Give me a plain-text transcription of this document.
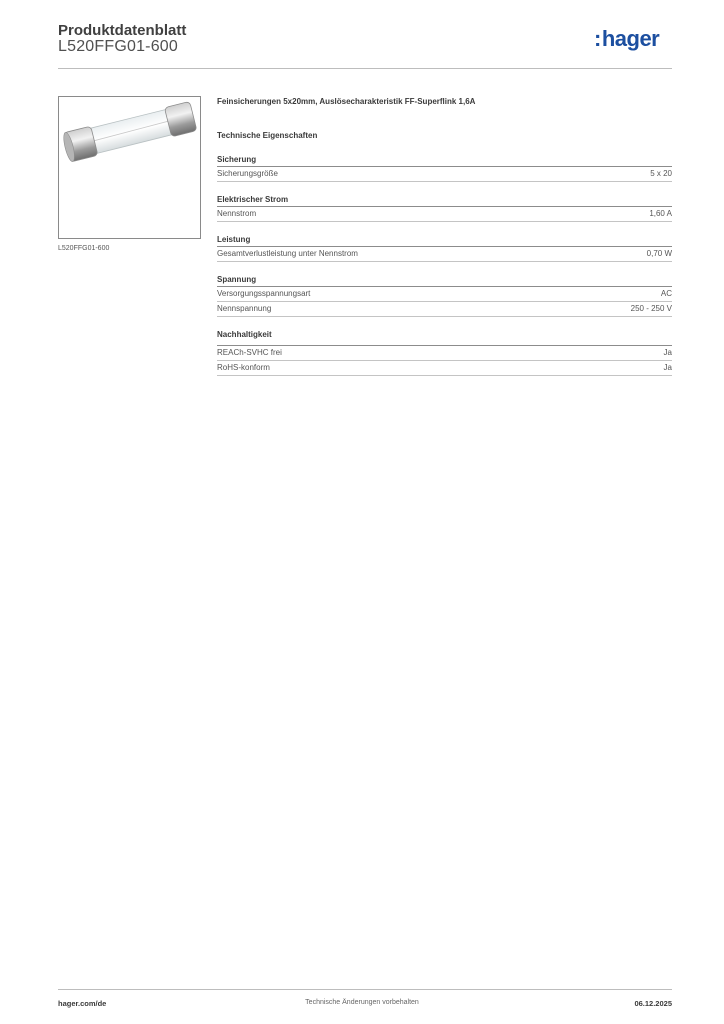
Produktdatenblatt
L520FFG01-600	:hager
L520FFG01-600
Feinsicherungen 5x20mm, Auslösecharakteristik FF-Superflink 1,6A
Technische Eigenschaften
Sicherung
Sicherungsgröße	5 x 20
Elektrischer Strom
Nennstrom	1,60 A
Leistung
Gesamtverlustleistung unter Nennstrom	0,70 W
Spannung
Versorgungsspannungsart	AC
Nennspannung	250 - 250 V
Nachhaltigkeit
REACh-SVHC frei	Ja
RoHS-konform	Ja
hager.com/de	Technische Änderungen vorbehalten	06.12.2025
